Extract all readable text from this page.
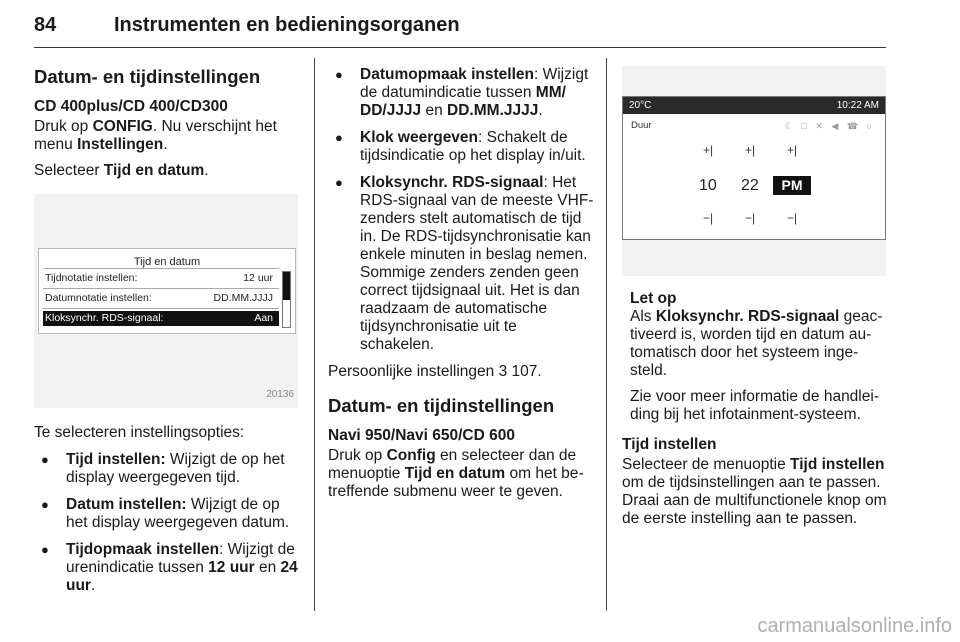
84	Instrumenten en bedieningsorganen
Datum- en tijdinstellingen
CD 400plus/CD 400/CD300

Druk op CONFIG. Nu verschijnt het menu Instellingen.

Selecteer Tijd en datum.

Tijd en datum
Tijdnotatie instellen:	12 uur
Datumnotatie instellen:	DD.MM.JJJJ
Kloksynchr. RDS-signaal:	Aan
20136

Te selecteren instellingsopties:

● Tijd instellen: Wijzigt de op het display weergegeven tijd.
● Datum instellen: Wijzigt de op het display weergegeven datum.
● Tijdopmaak instellen: Wijzigt de urenindicatie tussen 12 uur en 24 uur.
● Datumopmaak instellen: Wijzigt de datumindicatie tussen MM/ DD/JJJJ en DD.MM.JJJJ.
● Klok weergeven: Schakelt de tijdsindicatie op het display in/uit.
● Kloksynchr. RDS-signaal: Het RDS-signaal van de meeste VHF-zenders stelt automatisch de tijd in. De RDS-tijdsynchronisatie kan enkele minuten in beslag nemen. Sommige zenders zenden geen correct tijdsignaal uit. Het is dan raadzaam de automatische tijdsynchronisatie uit te schakelen.

Persoonlijke instellingen 3 107.

Datum- en tijdinstellingen
Navi 950/Navi 650/CD 600

Druk op Config en selecteer dan de menuoptie Tijd en datum om het betreffende submenu weer te geven.

20°C	10:22 AM
Duur	☾ □ ✕ ◀ ☎ ○
+|	+|	+|
10 22	PM
−|	−|	−|
Let op

Als Kloksynchr. RDS-signaal geactiveerd is, worden tijd en datum automatisch door het systeem ingesteld.

Zie voor meer informatie de handleiding bij het infotainment-systeem.

Tijd instellen

Selecteer de menuoptie Tijd instellen om de tijdsinstellingen aan te passen. Draai aan de multifunctionele knop om de eerste instelling aan te passen.

carmanualsonline.info
